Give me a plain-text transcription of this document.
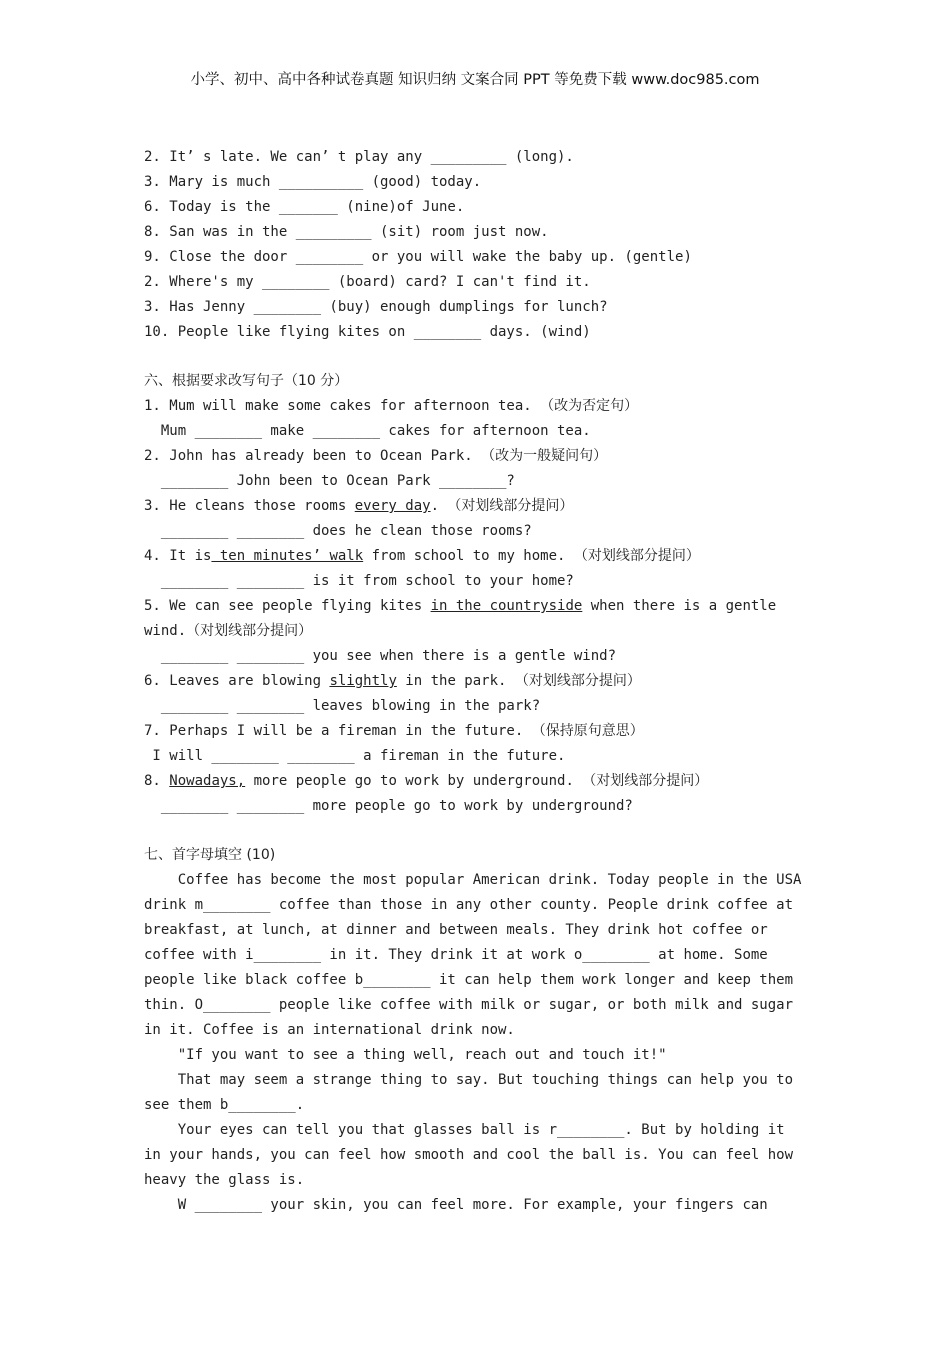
小学、初中、高中各种试卷真题 知识归纳 文案合同 PPT 等免费下载 www.doc985.com
2. It’ s late. We can’ t play any _________ (long).
3. Mary is much __________ (good) today.
6. Today is the _______ (nine)of June.
8. San was in the _________ (sit) room just now.
9. Close the door ________ or you will wake the baby up. (gentle)
2. Where's my ________ (board) card? I can't find it.
3. Has Jenny ________ (buy) enough dumplings for lunch?
10. People like flying kites on ________ days. (wind)
六、根据要求改写句子（10 分）
1. Mum will make some cakes for afternoon tea. （改为否定句）
Mum ________ make ________ cakes for afternoon tea.
2. John has already been to Ocean Park. （改为一般疑问句）
________ John been to Ocean Park ________?
3. He cleans those rooms every day. （对划线部分提问）
________ ________ does he clean those rooms?
4. It is ten minutes’ walk from school to my home. （对划线部分提问）
________ ________ is it from school to your home?
5. We can see people flying kites in the countryside when there is a gentle
wind.（对划线部分提问）
________ ________ you see when there is a gentle wind?
6. Leaves are blowing slightly in the park. （对划线部分提问）
________ ________ leaves blowing in the park?
7. Perhaps I will be a fireman in the future. （保持原句意思）
I will ________ ________ a fireman in the future.
8. Nowadays, more people go to work by underground. （对划线部分提问）
________ ________ more people go to work by underground?
七、首字母填空 (10)
Coffee has become the most popular American drink. Today people in the USA
drink m________ coffee than those in any other county. People drink coffee at
breakfast, at lunch, at dinner and between meals. They drink hot coffee or
coffee with i________ in it. They drink it at work o________ at home. Some
people like black coffee b________ it can help them work longer and keep them
thin. O________ people like coffee with milk or sugar, or both milk and sugar
in it. Coffee is an international drink now.
"If you want to see a thing well, reach out and touch it!"
That may seem a strange thing to say. But touching things can help you to
see them b________.
Your eyes can tell you that glasses ball is r________. But by holding it
in your hands, you can feel how smooth and cool the ball is. You can feel how
heavy the glass is.
W ________ your skin, you can feel more. For example, your fingers can
